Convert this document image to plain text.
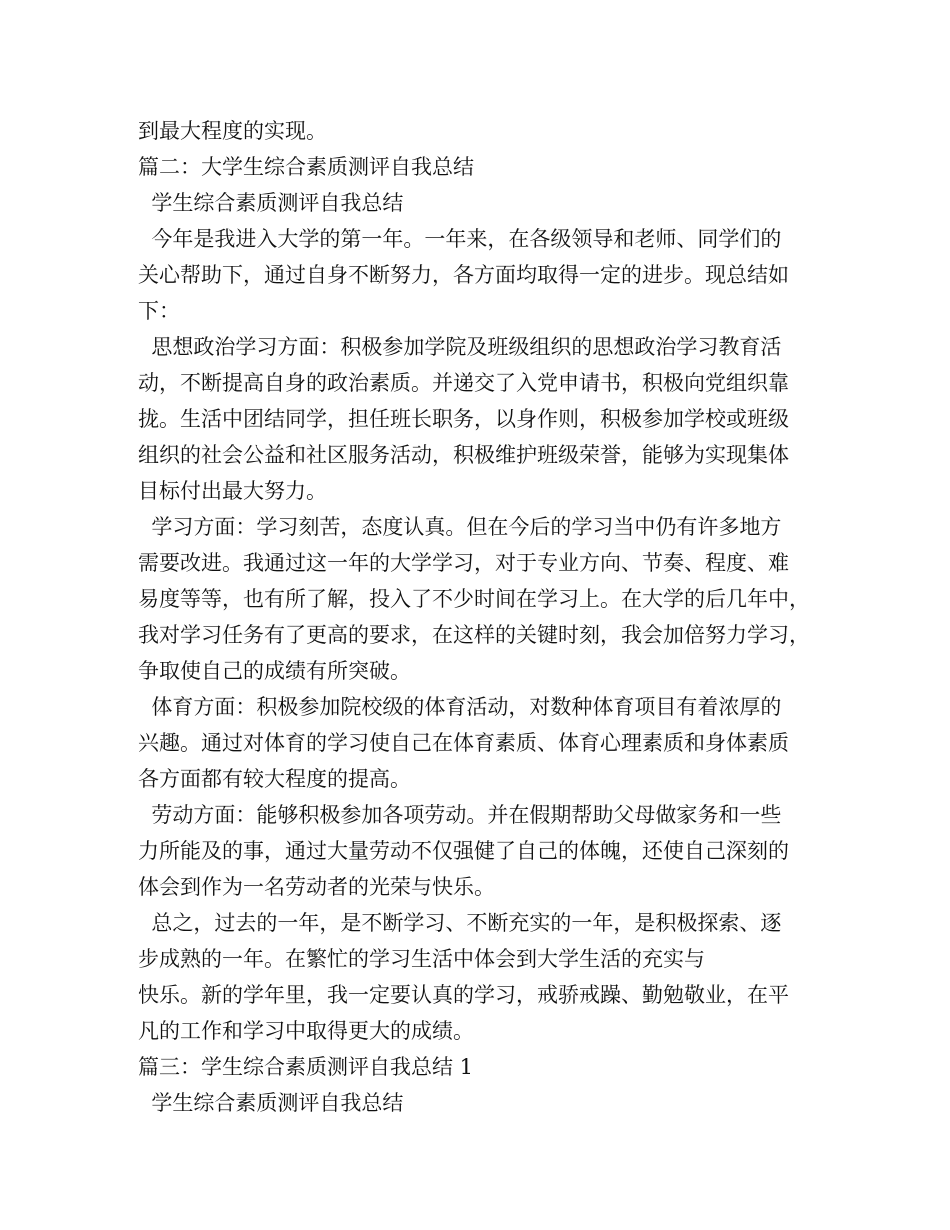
到最大程度的实现。
篇二：大学生综合素质测评自我总结
学生综合素质测评自我总结
今年是我进入大学的第一年。一年来，在各级领导和老师、同学们的
关心帮助下，通过自身不断努力，各方面均取得一定的进步。现总结如
下：
思想政治学习方面：积极参加学院及班级组织的思想政治学习教育活
动，不断提高自身的政治素质。并递交了入党申请书，积极向党组织靠
拢。生活中团结同学，担任班长职务，以身作则，积极参加学校或班级
组织的社会公益和社区服务活动，积极维护班级荣誉，能够为实现集体
目标付出最大努力。
学习方面：学习刻苦，态度认真。但在今后的学习当中仍有许多地方
需要改进。我通过这一年的大学学习，对于专业方向、节奏、程度、难
易度等等，也有所了解，投入了不少时间在学习上。在大学的后几年中，
我对学习任务有了更高的要求，在这样的关键时刻，我会加倍努力学习，
争取使自己的成绩有所突破。
体育方面：积极参加院校级的体育活动，对数种体育项目有着浓厚的
兴趣。通过对体育的学习使自己在体育素质、体育心理素质和身体素质
各方面都有较大程度的提高。
劳动方面：能够积极参加各项劳动。并在假期帮助父母做家务和一些
力所能及的事，通过大量劳动不仅强健了自己的体魄，还使自己深刻的
体会到作为一名劳动者的光荣与快乐。
总之，过去的一年，是不断学习、不断充实的一年，是积极探索、逐
步成熟的一年。在繁忙的学习生活中体会到大学生活的充实与
快乐。新的学年里，我一定要认真的学习，戒骄戒躁、勤勉敬业，在平
凡的工作和学习中取得更大的成绩。
篇三：学生综合素质测评自我总结 1
学生综合素质测评自我总结
